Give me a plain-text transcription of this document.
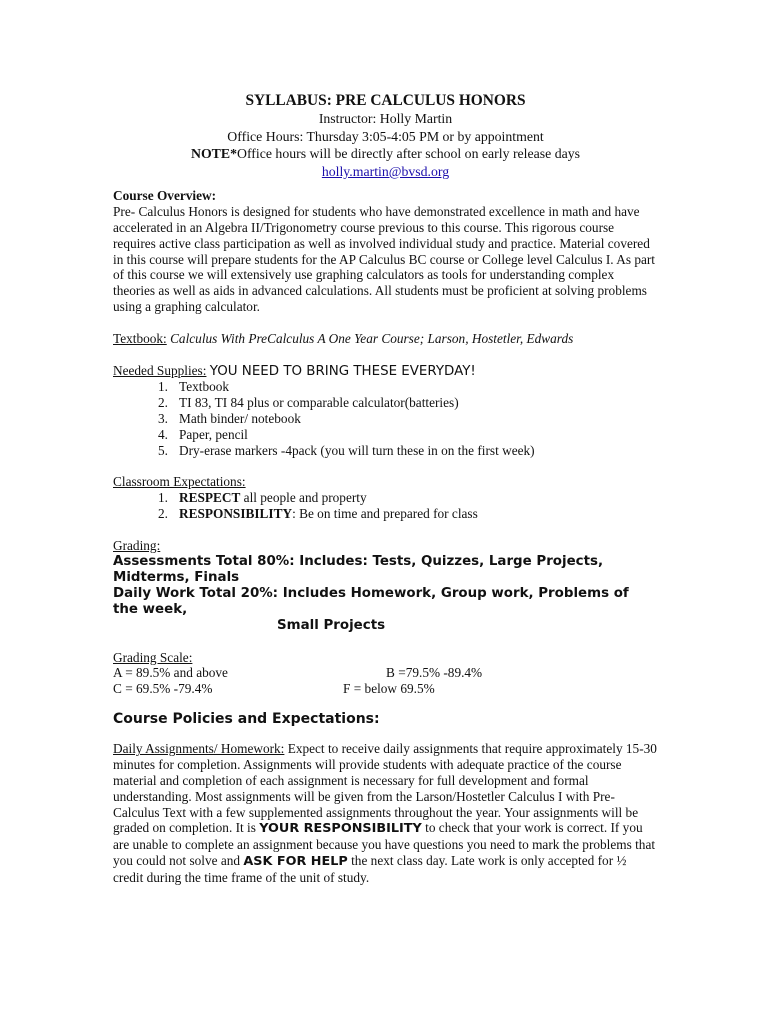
SYLLABUS: PRE CALCULUS HONORS

Instructor: Holly Martin

Office Hours: Thursday 3:05-4:05 PM or by appointment

NOTE*Office hours will be directly after school on early release days

holly.martin@bvsd.org

Course Overview:

Pre- Calculus Honors is designed for students who have demonstrated excellence in math and have accelerated in an Algebra II/Trigonometry course previous to this course. This rigorous course requires active class participation as well as involved individual study and practice. Material covered in this course will prepare students for the AP Calculus BC course or College level Calculus I. As part of this course we will extensively use graphing calculators as tools for understanding complex theories as well as aids in advanced calculations. All students must be proficient at solving problems using a graphing calculator.

Textbook: Calculus With PreCalculus A One Year Course; Larson, Hostetler, Edwards

Needed Supplies: YOU NEED TO BRING THESE EVERYDAY!

1. Textbook
2. TI 83, TI 84 plus or comparable calculator(batteries)
3. Math binder/ notebook
4. Paper, pencil
5. Dry-erase markers -4pack (you will turn these in on the first week)

Classroom Expectations:

1. RESPECT all people and property
2. RESPONSIBILITY: Be on time and prepared for class

Grading:

Assessments Total 80%: Includes: Tests, Quizzes, Large Projects, Midterms, Finals

Daily Work Total 20%: Includes Homework, Group work, Problems of the week,

Small Projects

Grading Scale:

A = 89.5% and above	B =79.5% -89.4%
C = 69.5% -79.4%	F = below 69.5%

Course Policies and Expectations:

Daily Assignments/ Homework: Expect to receive daily assignments that require approximately 15-30 minutes for completion. Assignments will provide students with adequate practice of the course material and completion of each assignment is necessary for full development and formal understanding. Most assignments will be given from the Larson/Hostetler Calculus I with Pre-Calculus Text with a few supplemented assignments throughout the year. Your assignments will be graded on completion. It is YOUR RESPONSIBILITY to check that your work is correct. If you are unable to complete an assignment because you have questions you need to mark the problems that you could not solve and ASK FOR HELP the next class day. Late work is only accepted for ½ credit during the time frame of the unit of study.
